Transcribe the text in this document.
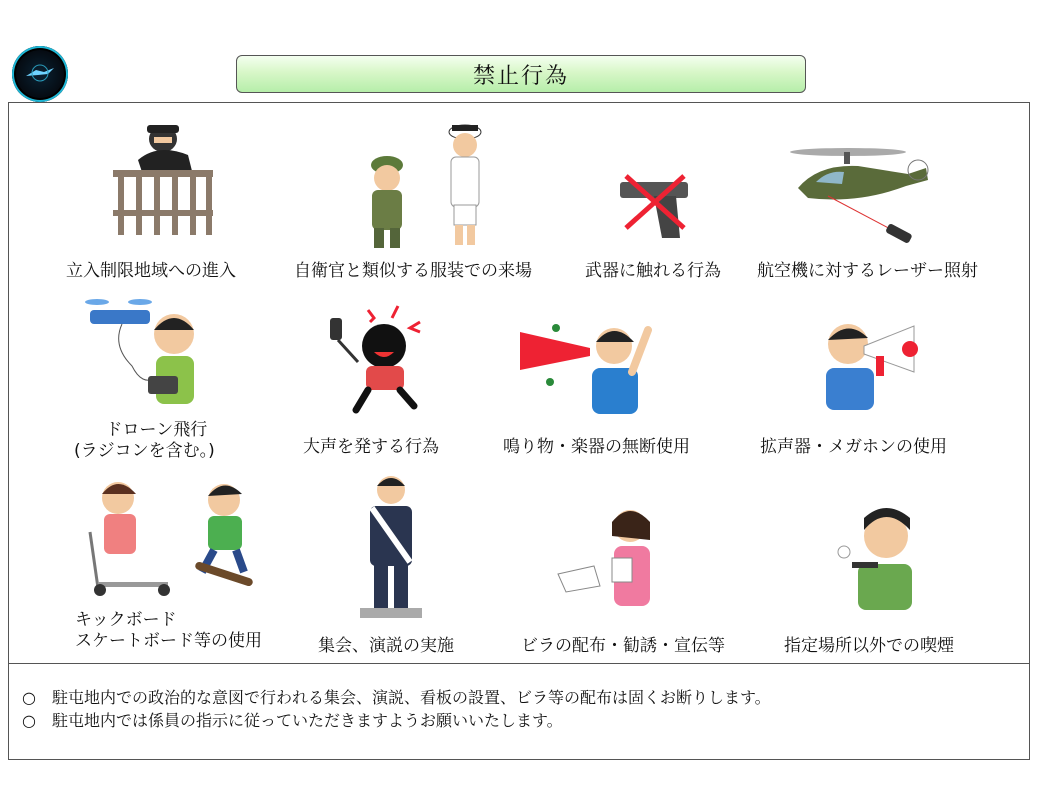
禁止行為
立入制限地域への進入	自衛官と類似する服装での来場	武器に触れる行為 航空機に対するレーザー照射
ドローン飛行
(ラジコンを含む。)	大声を発する行為	鳴り物・楽器の無断使用	拡声器・メガホンの使用
キックボード
スケートボード等の使用	集会、演説の実施	ビラの配布・勧誘・宣伝等	指定場所以外での喫煙
○　駐屯地内での政治的な意図で行われる集会、演説、看板の設置、ビラ等の配布は固くお断りします。
○　駐屯地内では係員の指示に従っていただきますようお願いいたします。
